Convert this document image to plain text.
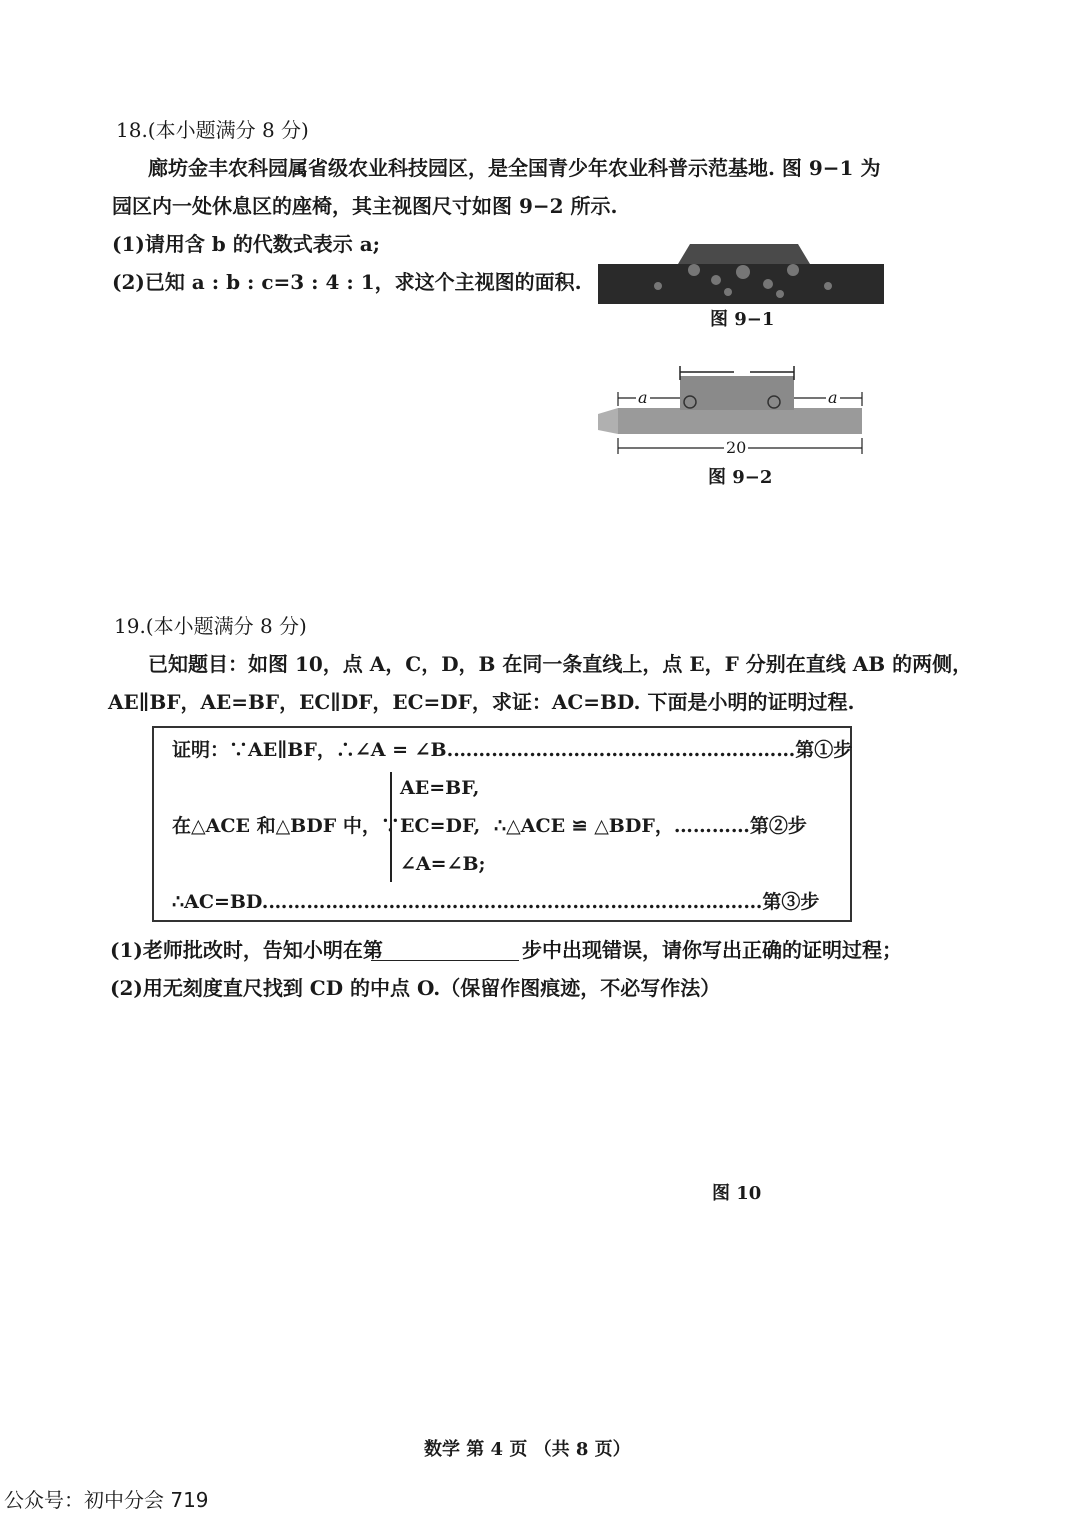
18.(本小题满分 8 分)
廊坊金丰农科园属省级农业科技园区，是全国青少年农业科普示范基地. 图 9−1 为
园区内一处休息区的座椅，其主视图尺寸如图 9−2 所示.
(1)请用含 b 的代数式表示 a;
(2)已知 a : b : c=3 : 4 : 1，求这个主视图的面积.
图 9−1
a	a
20
图 9−2
19.(本小题满分 8 分)
已知题目：如图 10，点 A，C，D，B 在同一条直线上，点 E，F 分别在直线 AB 的两侧，
AE∥BF，AE=BF，EC∥DF，EC=DF，求证：AC=BD. 下面是小明的证明过程.
证明：∵AE∥BF，∴∠A = ∠B.………………………………………………第①步
在△ACE 和△BDF 中，∵
AE=BF,
EC=DF,
∠A=∠B;
∴△ACE ≌ △BDF，…………第②步
∴AC=BD.……………………………………………………………………第③步
(1)老师批改时，告知小明在第	步中出现错误，请你写出正确的证明过程；
(2)用无刻度直尺找到 CD 的中点 O.（保留作图痕迹，不必写作法）
图 10
数学 第 4 页 （共 8 页）
公众号：初中分会 719
